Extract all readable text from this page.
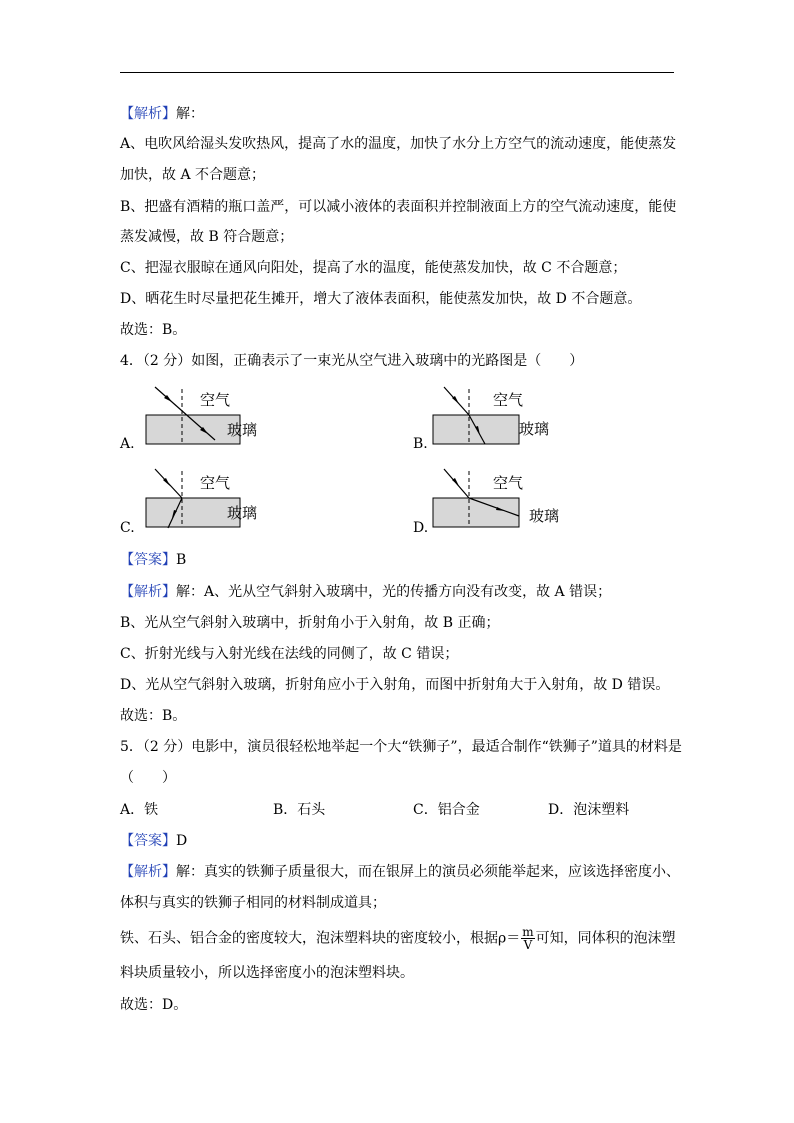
【解析】解：
A、电吹风给湿头发吹热风，提高了水的温度，加快了水分上方空气的流动速度，能使蒸发
加快，故 A 不合题意；
B、把盛有酒精的瓶口盖严，可以减小液体的表面积并控制液面上方的空气流动速度，能使
蒸发减慢，故 B 符合题意；
C、把湿衣服晾在通风向阳处，提高了水的温度，能使蒸发加快，故 C 不合题意；
D、晒花生时尽量把花生摊开，增大了液体表面积，能使蒸发加快，故 D 不合题意。
故选：B。
4．（2 分）如图，正确表示了一束光从空气进入玻璃中的光路图是（　　）
空气
玻璃
A.
空气
玻璃
B.
空气
玻璃
C.
空气
玻璃
D.
【答案】B
【解析】解：A、光从空气斜射入玻璃中，光的传播方向没有改变，故 A 错误；
B、光从空气斜射入玻璃中，折射角小于入射角，故 B 正确；
C、折射光线与入射光线在法线的同侧了，故 C 错误；
D、光从空气斜射入玻璃，折射角应小于入射角，而图中折射角大于入射角，故 D 错误。
故选：B。
5．（2 分）电影中，演员很轻松地举起一个大“铁狮子”，最适合制作“铁狮子”道具的材料是
（　　）
A．铁	B．石头	C．铝合金	D．泡沫塑料
【答案】D
【解析】解：真实的铁狮子质量很大，而在银屏上的演员必须能举起来，应该选择密度小、
体积与真实的铁狮子相同的材料制成道具；
铁、石头、铝合金的密度较大，泡沫塑料块的密度较小，根据$\rho= \frac{m}{V}$ 可知，同体积的泡沫塑
料块质量较小，所以选择密度小的泡沫塑料块。
故选：D。
